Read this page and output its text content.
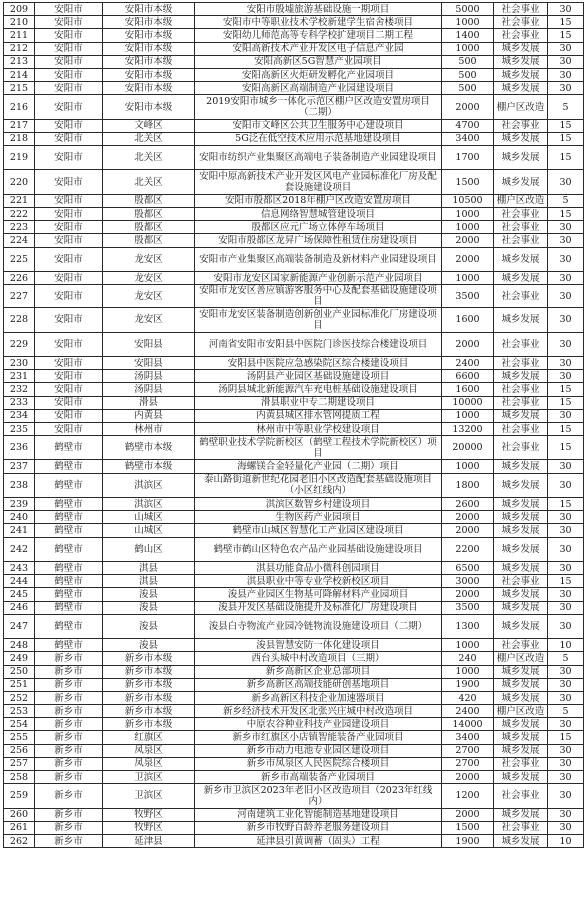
209	安阳市	安阳市本级	安阳市殷墟旅游基础设施一期项目	5000	社会事业	30
210	安阳市	安阳市本级	安阳市中等职业技术学校新建学生宿舍楼项目	1000	社会事业	15
211	安阳市	安阳市本级	安阳幼儿师范高等专科学校扩建项目二期工程	1400	社会事业	15
212	安阳市	安阳市本级	安阳高新技术产业开发区电子信息产业园	1000	城乡发展	30
213	安阳市	安阳市本级	安阳高新区5G智慧产业园项目	500	城乡发展	30
214	安阳市	安阳市本级	安阳高新区火炬研发孵化产业园项目	500	城乡发展	30
215	安阳市	安阳市本级	安阳高新区高端制造产业园建设项目	500	城乡发展	30
216	安阳市	安阳市本级	2019安阳市城乡一体化示范区棚户区改造安置房项目（二期）	2000	棚户区改造	5
217	安阳市	文峰区	安阳市文峰区公共卫生服务中心建设项目	4700	社会事业	15
218	安阳市	北关区	5G泛在低空技术应用示范基地建设项目	3400	城乡发展	15
219	安阳市	北关区	安阳市纺织产业集聚区高端电子装备制造产业园建设项目	1700	城乡发展	15
220	安阳市	北关区	安阳中原高新技术产业开发区风电产业园标准化厂房及配套设施建设项目	1500	城乡发展	30
221	安阳市	殷都区	安阳市殷都区2018年棚户区改造安置房项目	10500	棚户区改造	5
222	安阳市	殷都区	信息网络智慧城管建设项目	1000	社会事业	15
223	安阳市	殷都区	殷都区应元广场立体停车场项目	1000	社会事业	30
224	安阳市	殷都区	安阳市殷都区龙昇广场保障性租赁住房建设项目	2000	社会事业	30
225	安阳市	龙安区	安阳市产业集聚区高端装备制造及新材料产业园建设项目	2000	城乡发展	30
226	安阳市	龙安区	安阳市龙安区国家新能源产业创新示范产业园项目	1000	城乡发展	30
227	安阳市	龙安区	安阳市龙安区善应镇游客服务中心及配套基础设施建设项目	3500	社会事业	30
228	安阳市	龙安区	安阳市龙安区装备制造创新创业产业园标准化厂房建设项目	1600	城乡发展	30
229	安阳市	安阳县	河南省安阳市安阳县中医院门诊医技综合楼建设项目	2000	社会事业	30
230	安阳市	安阳县	安阳县中医院应急感染院区综合楼建设项目	2400	社会事业	30
231	安阳市	汤阴县	汤阴县产业园区基础设施建设项目	6600	城乡发展	30
232	安阳市	汤阴县	汤阴县城北新能源汽车充电桩基础设施建设项目	1600	社会事业	15
233	安阳市	滑县	滑县职业中专二期建设项目	10000	社会事业	15
234	安阳市	内黄县	内黄县城区排水管网提质工程	1000	城乡发展	30
235	安阳市	林州市	林州市中等职业学校建设项目	13200	社会事业	15
236	鹤壁市	鹤壁市本级	鹤壁职业技术学院新校区（鹤壁工程技术学院新校区）项目	20000	社会事业	15
237	鹤壁市	鹤壁市本级	海螺镁合金轻量化产业园（二期）项目	1000	城乡发展	30
238	鹤壁市	淇滨区	泰山路街道新世纪花园老旧小区改造配套基础设施项目（小区红线内）	1800	城乡发展	30
239	鹤壁市	淇滨区	淇滨区数智乡村建设项目	2600	城乡发展	15
240	鹤壁市	山城区	生物医药产业园项目	2000	城乡发展	30
241	鹤壁市	山城区	鹤壁市山城区智慧化工产业园区建设项目	2000	城乡发展	30
242	鹤壁市	鹤山区	鹤壁市鹤山区特色农产品产业园基础设施建设项目	2200	城乡发展	30
243	鹤壁市	淇县	淇县功能食品小微科创园项目	6500	城乡发展	30
244	鹤壁市	淇县	淇县职业中等专业学校新校区项目	3000	社会事业	15
245	鹤壁市	浚县	浚县产业园区生物基可降解材料产业园项目	2000	城乡发展	30
246	鹤壁市	浚县	浚县开发区基础设施提升及标准化厂房建设项目	3500	城乡发展	30
247	鹤壁市	浚县	浚县白寺物流产业园冷链物流设施建设项目（二期）	1300	城乡发展	30
248	鹤壁市	浚县	浚县智慧安防一体化建设项目	1000	社会事业	10
249	新乡市	新乡市本级	西台头城中村改造项目（三期）	240	棚户区改造	5
250	新乡市	新乡市本级	新乡高新区企业总部项目	1000	城乡发展	30
251	新乡市	新乡市本级	新乡高新区高端技能研创基地项目	1900	城乡发展	30
252	新乡市	新乡市本级	新乡高新区科技企业加速器项目	420	城乡发展	30
253	新乡市	新乡市本级	新乡经济技术开发区北张兴庄城中村改造项目	2400	棚户区改造	5
254	新乡市	新乡市本级	中原农谷种业科技产业园建设项目	14000	城乡发展	30
255	新乡市	红旗区	新乡市红旗区小店镇智能装备产业园项目	3400	城乡发展	15
256	新乡市	凤泉区	新乡市动力电池专业园区建设项目	2700	城乡发展	30
257	新乡市	凤泉区	新乡市凤泉区人民医院综合楼项目	2700	社会事业	30
258	新乡市	卫滨区	新乡市高端装备产业园项目	2000	城乡发展	30
259	新乡市	卫滨区	新乡市卫滨区2023年老旧小区改造项目（2023年红线内）	1200	社会事业	30
260	新乡市	牧野区	河南建筑工业化智能制造基地建设项目	2000	城乡发展	30
261	新乡市	牧野区	新乡市牧野百龄养老服务建设项目	1500	社会事业	30
262	新乡市	延津县	延津县引黄调蓄（固头）工程	1900	城乡发展	10
